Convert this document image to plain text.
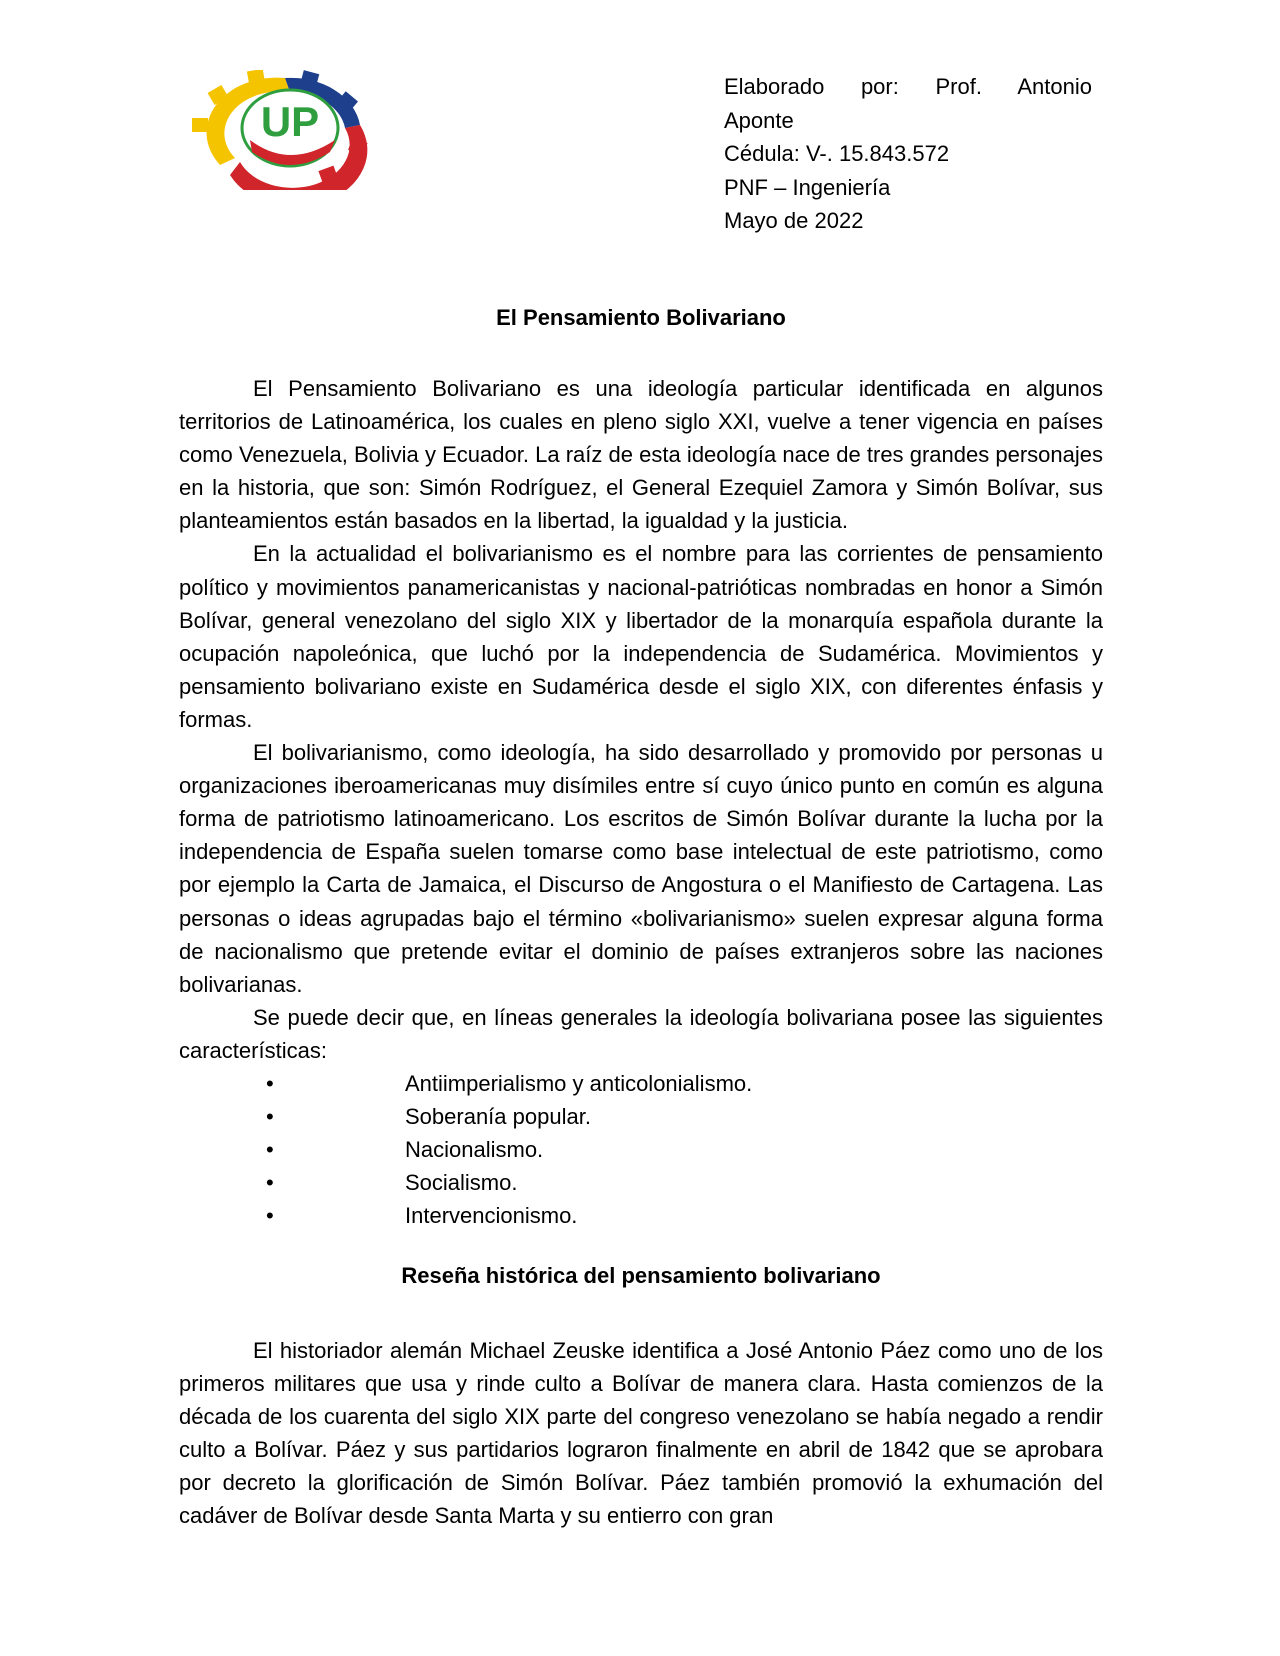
UP
Elaborado por: Prof. Antonio
Aponte
Cédula: V-. 15.843.572
PNF – Ingeniería
Mayo de 2022
El Pensamiento Bolivariano

El Pensamiento Bolivariano es una ideología particular identificada en algunos territorios de Latinoamérica, los cuales en pleno siglo XXI, vuelve a tener vigencia en países como Venezuela, Bolivia y Ecuador. La raíz de esta ideología nace de tres grandes personajes en la historia, que son: Simón Rodríguez, el General Ezequiel Zamora y Simón Bolívar, sus planteamientos están basados en la libertad, la igualdad y la justicia.

En la actualidad el bolivarianismo es el nombre para las corrientes de pensamiento político y movimientos panamericanistas y nacional-patrióticas nombradas en honor a Simón Bolívar, general venezolano del siglo XIX y libertador de la monarquía española durante la ocupación napoleónica, que luchó por la independencia de Sudamérica. Movimientos y pensamiento bolivariano existe en Sudamérica desde el siglo XIX, con diferentes énfasis y formas.

El bolivarianismo, como ideología, ha sido desarrollado y promovido por personas u organizaciones iberoamericanas muy disímiles entre sí cuyo único punto en común es alguna forma de patriotismo latinoamericano. Los escritos de Simón Bolívar durante la lucha por la independencia de España suelen tomarse como base intelectual de este patriotismo, como por ejemplo la Carta de Jamaica, el Discurso de Angostura o el Manifiesto de Cartagena. Las personas o ideas agrupadas bajo el término «bolivarianismo» suelen expresar alguna forma de nacionalismo que pretende evitar el dominio de países extranjeros sobre las naciones bolivarianas.

Se puede decir que, en líneas generales la ideología bolivariana posee las siguientes características:

•	Antiimperialismo y anticolonialismo.
•	Soberanía popular.
•	Nacionalismo.
•	Socialismo.
•	Intervencionismo.
Reseña histórica del pensamiento bolivariano

El historiador alemán Michael Zeuske identifica a José Antonio Páez como uno de los primeros militares que usa y rinde culto a Bolívar de manera clara. Hasta comienzos de la década de los cuarenta del siglo XIX parte del congreso venezolano se había negado a rendir culto a Bolívar. Páez y sus partidarios lograron finalmente en abril de 1842 que se aprobara por decreto la glorificación de Simón Bolívar. Páez también promovió la exhumación del cadáver de Bolívar desde Santa Marta y su entierro con gran
